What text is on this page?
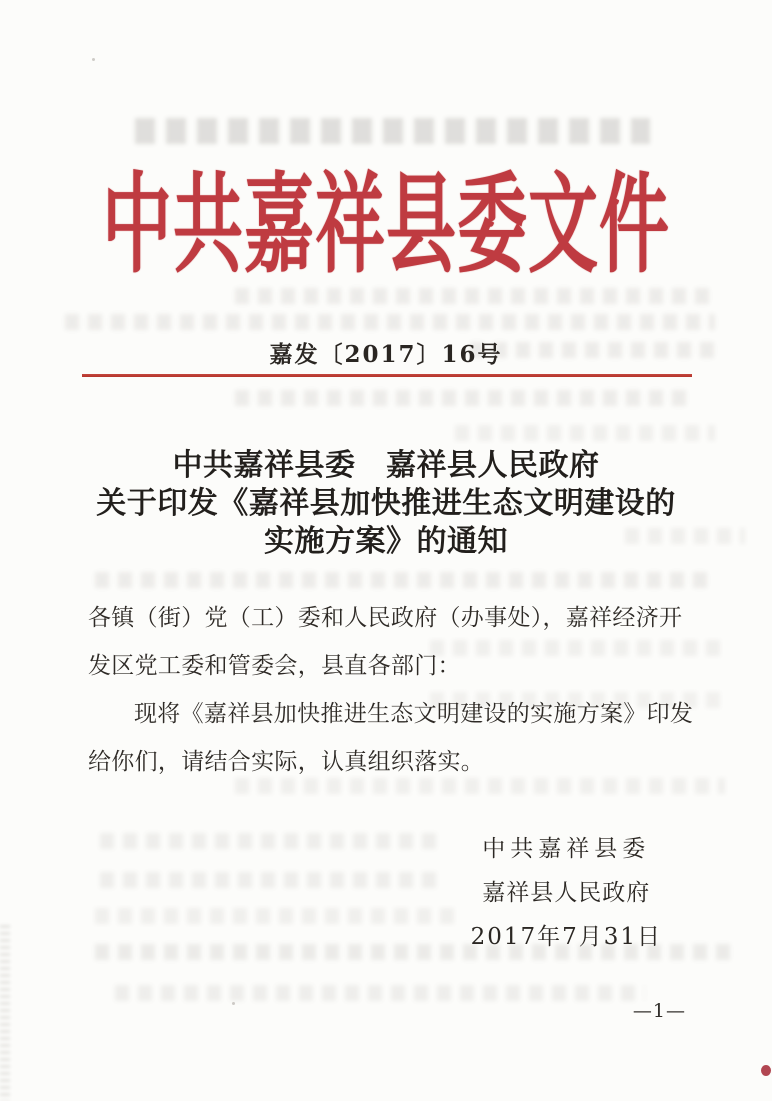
中共嘉祥县委文件
嘉发〔2017〕16号
中共嘉祥县委　嘉祥县人民政府
关于印发《嘉祥县加快推进生态文明建设的
实施方案》的通知
各镇（街）党（工）委和人民政府（办事处），嘉祥经济开
发区党工委和管委会，县直各部门：
现将《嘉祥县加快推进生态文明建设的实施方案》印发
给你们，请结合实际，认真组织落实。
中共嘉祥县委
嘉祥县人民政府
2017年7月31日
—1—
